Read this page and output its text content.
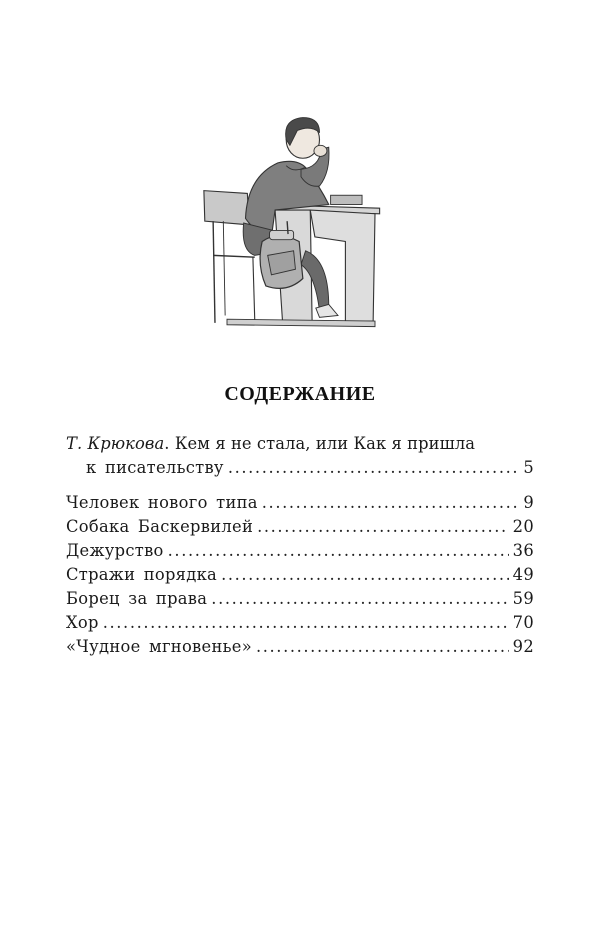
СОДЕРЖАНИЕ
Т. Крюкова. Кем я не стала, или Как я пришла
к писательству .....	5
Человек нового типа .....	9
Собака Баскервилей .....	20
Дежурство .....	36
Стражи порядка .....	49
Борец за права .....	59
Хор .....	70
«Чудное мгновенье» .....	92
